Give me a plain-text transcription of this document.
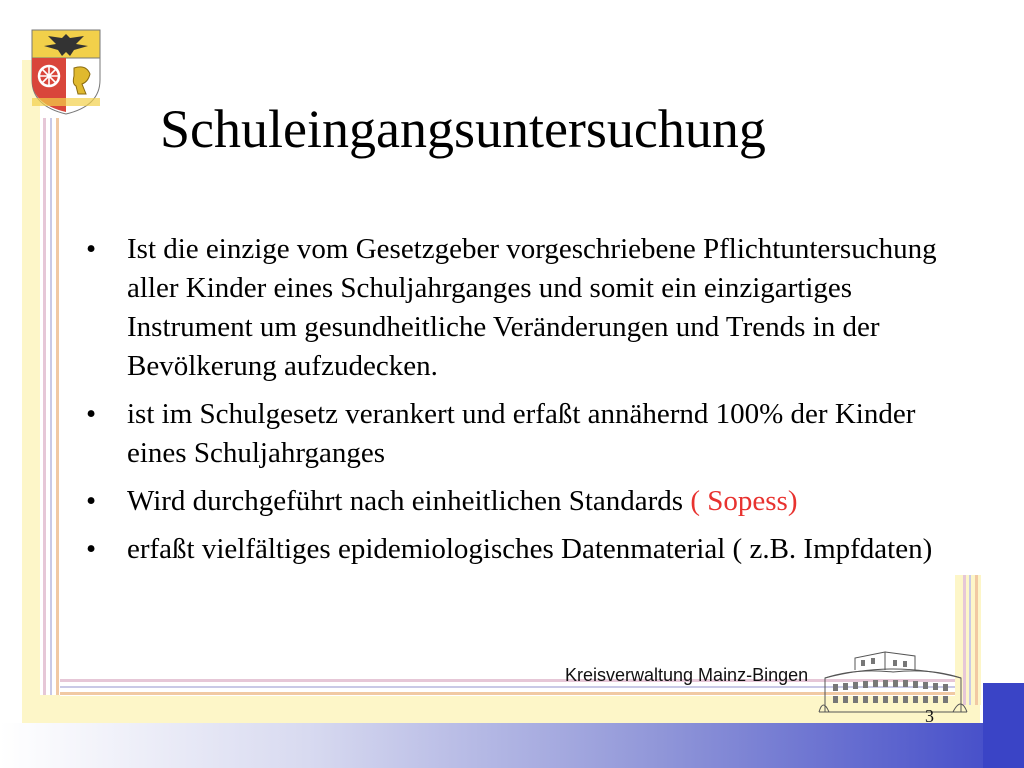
Schuleingangsuntersuchung
• Ist die einzige vom Gesetzgeber vorgeschriebene Pflichtuntersuchung aller Kinder eines Schuljahrganges und somit ein einzigartiges Instrument um gesundheitliche Veränderungen und Trends in der Bevölkerung aufzudecken.
• ist im Schulgesetz verankert und erfaßt annähernd 100% der Kinder eines Schuljahrganges
• Wird durchgeführt nach einheitlichen Standards ( Sopess)
• erfaßt vielfältiges epidemiologisches Datenmaterial ( z.B. Impfdaten)
Kreisverwaltung Mainz-Bingen
3
